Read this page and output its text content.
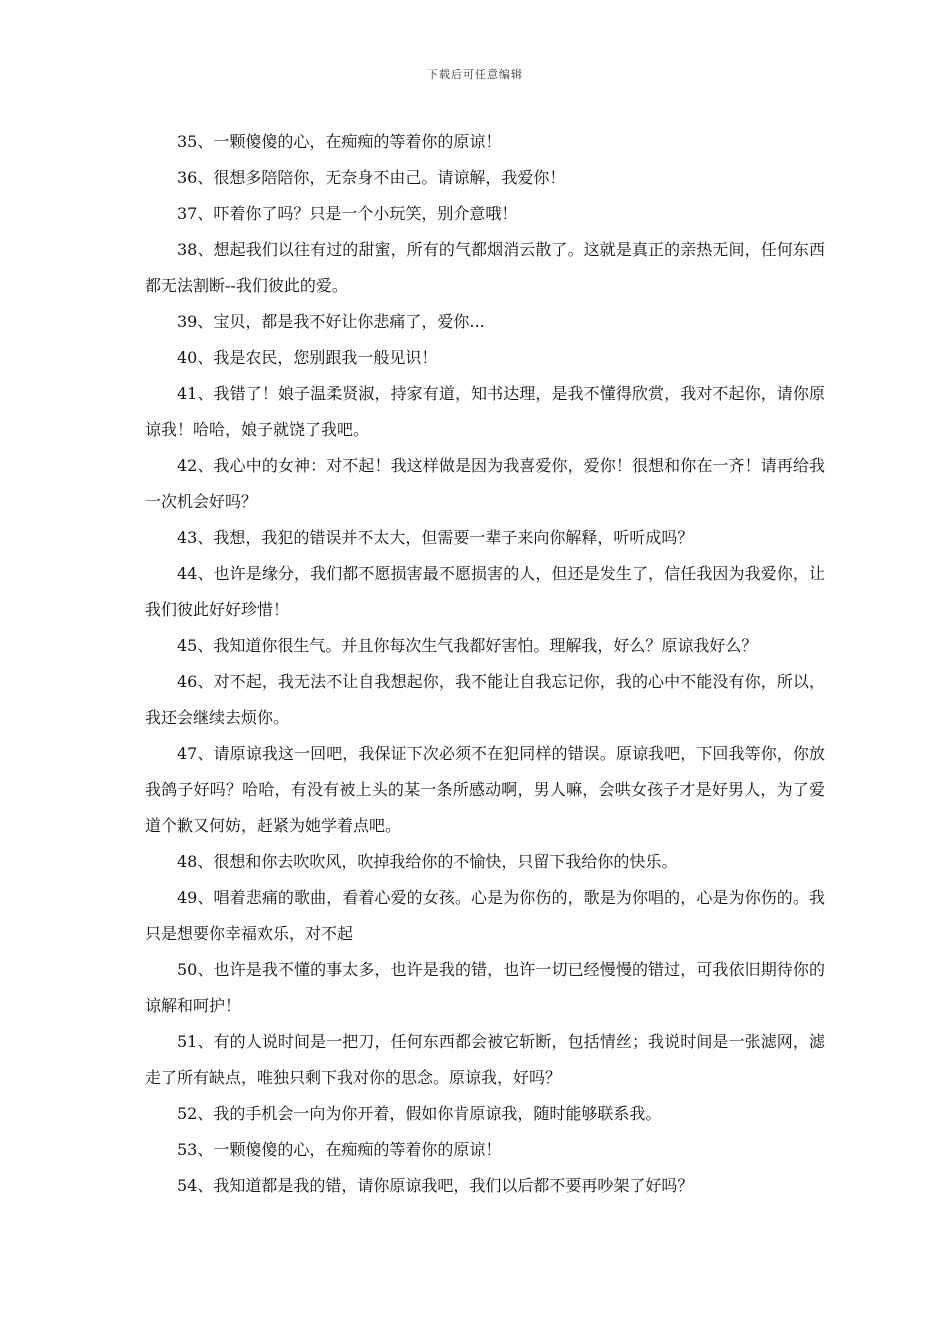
下载后可任意编辑

35、一颗傻傻的心，在痴痴的等着你的原谅！

36、很想多陪陪你，无奈身不由己。请谅解，我爱你！

37、吓着你了吗？只是一个小玩笑，别介意哦！

38、想起我们以往有过的甜蜜，所有的气都烟消云散了。这就是真正的亲热无间，任何东西都无法割断--我们彼此的爱。

39、宝贝，都是我不好让你悲痛了，爱你...

40、我是农民，您别跟我一般见识！

41、我错了！娘子温柔贤淑，持家有道，知书达理，是我不懂得欣赏，我对不起你，请你原谅我！哈哈，娘子就饶了我吧。

42、我心中的女神：对不起！我这样做是因为我喜爱你，爱你！很想和你在一齐！请再给我一次机会好吗？

43、我想，我犯的错误并不太大，但需要一辈子来向你解释，听听成吗？

44、也许是缘分，我们都不愿损害最不愿损害的人，但还是发生了，信任我因为我爱你，让我们彼此好好珍惜！

45、我知道你很生气。并且你每次生气我都好害怕。理解我，好么？原谅我好么？

46、对不起，我无法不让自我想起你，我不能让自我忘记你，我的心中不能没有你，所以，我还会继续去烦你。

47、请原谅我这一回吧，我保证下次必须不在犯同样的错误。原谅我吧，下回我等你，你放我鸽子好吗？哈哈，有没有被上头的某一条所感动啊，男人嘛，会哄女孩子才是好男人，为了爱道个歉又何妨，赶紧为她学着点吧。

48、很想和你去吹吹风，吹掉我给你的不愉快，只留下我给你的快乐。

49、唱着悲痛的歌曲，看着心爱的女孩。心是为你伤的，歌是为你唱的，心是为你伤的。我只是想要你幸福欢乐，对不起

50、也许是我不懂的事太多，也许是我的错，也许一切已经慢慢的错过，可我依旧期待你的谅解和呵护！

51、有的人说时间是一把刀，任何东西都会被它斩断，包括情丝；我说时间是一张滤网，滤走了所有缺点，唯独只剩下我对你的思念。原谅我，好吗？

52、我的手机会一向为你开着，假如你肯原谅我，随时能够联系我。

53、一颗傻傻的心，在痴痴的等着你的原谅！

54、我知道都是我的错，请你原谅我吧，我们以后都不要再吵架了好吗？
